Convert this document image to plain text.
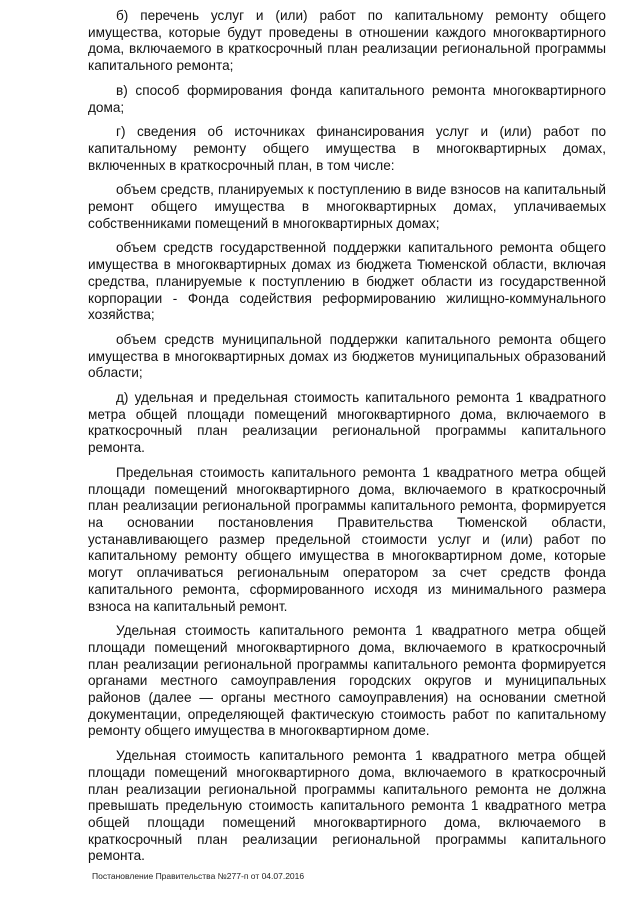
б) перечень услуг и (или) работ по капитальному ремонту общего имущества, которые будут проведены в отношении каждого многоквартирного дома, включаемого в краткосрочный план реализации региональной программы капитального ремонта;

в) способ формирования фонда капитального ремонта многоквартирного дома;

г) сведения об источниках финансирования услуг и (или) работ по капитальному ремонту общего имущества в многоквартирных домах, включенных в краткосрочный план, в том числе:

объем средств, планируемых к поступлению в виде взносов на капитальный ремонт общего имущества в многоквартирных домах, уплачиваемых собственниками помещений в многоквартирных домах;

объем средств государственной поддержки капитального ремонта общего имущества в многоквартирных домах из бюджета Тюменской области, включая средства, планируемые к поступлению в бюджет области из государственной корпорации - Фонда содействия реформированию жилищно-коммунального хозяйства;

объем средств муниципальной поддержки капитального ремонта общего имущества в многоквартирных домах из бюджетов муниципальных образований области;

д) удельная и предельная стоимость капитального ремонта 1 квадратного метра общей площади помещений многоквартирного дома, включаемого в краткосрочный план реализации региональной программы капитального ремонта.

Предельная стоимость капитального ремонта 1 квадратного метра общей площади помещений многоквартирного дома, включаемого в краткосрочный план реализации региональной программы капитального ремонта, формируется на основании постановления Правительства Тюменской области, устанавливающего размер предельной стоимости услуг и (или) работ по капитальному ремонту общего имущества в многоквартирном доме, которые могут оплачиваться региональным оператором за счет средств фонда капитального ремонта, сформированного исходя из минимального размера взноса на капитальный ремонт.

Удельная стоимость капитального ремонта 1 квадратного метра общей площади помещений многоквартирного дома, включаемого в краткосрочный план реализации региональной программы капитального ремонта формируется органами местного самоуправления городских округов и муниципальных районов (далее — органы местного самоуправления) на основании сметной документации, определяющей фактическую стоимость работ по капитальному ремонту общего имущества в многоквартирном доме.

Удельная стоимость капитального ремонта 1 квадратного метра общей площади помещений многоквартирного дома, включаемого в краткосрочный план реализации региональной программы капитального ремонта не должна превышать предельную стоимость капитального ремонта 1 квадратного метра общей площади помещений многоквартирного дома, включаемого в краткосрочный план реализации региональной программы капитального ремонта.

Постановление Правительства №277-п от 04.07.2016
